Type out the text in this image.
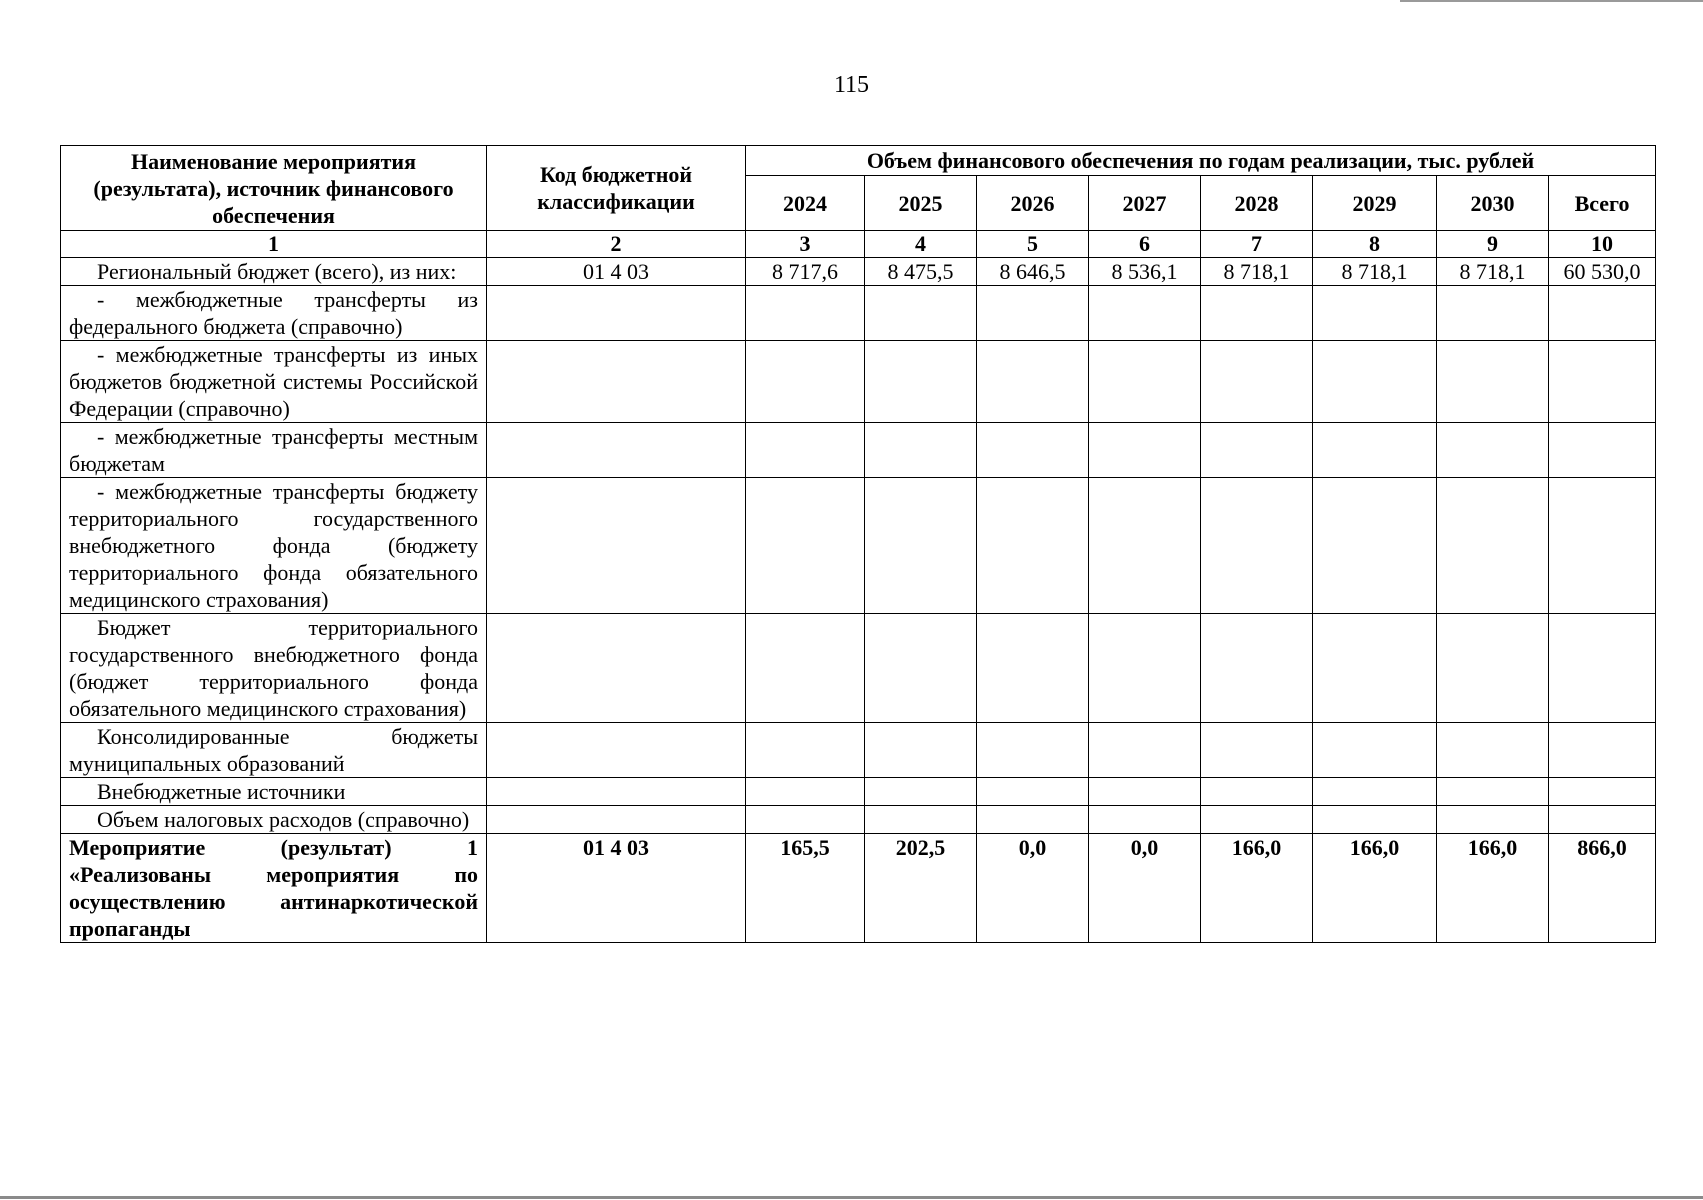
115
Наименование мероприятия (результата), источник финансового обеспечения	Код бюджетной классификации	Объем финансового обеспечения по годам реализации, тыс. рублей							
		2024	2025	2026	2027	2028	2029	2030	Всего
1	2	3	4	5	6	7	8	9	10
Региональный бюджет (всего), из них:	01 4 03	8 717,6	8 475,5	8 646,5	8 536,1	8 718,1	8 718,1	8 718,1	60 530,0
- межбюджетные трансферты из федерального бюджета (справочно)									
- межбюджетные трансферты из иных бюджетов бюджетной системы Российской Федерации (справочно)									
- межбюджетные трансферты местным бюджетам									
- межбюджетные трансферты бюджету территориального государственного внебюджетного фонда (бюджету территориального фонда обязательного медицинского страхования)									
Бюджет территориального государственного внебюджетного фонда (бюджет территориального фонда обязательного медицинского страхования)									
Консолидированные бюджеты муниципальных образований									
Внебюджетные источники									
Объем налоговых расходов (справочно)									
Мероприятие (результат) 1 «Реализованы мероприятия по осуществлению антинаркотической пропаганды	01 4 03	165,5	202,5	0,0	0,0	166,0	166,0	166,0	866,0
